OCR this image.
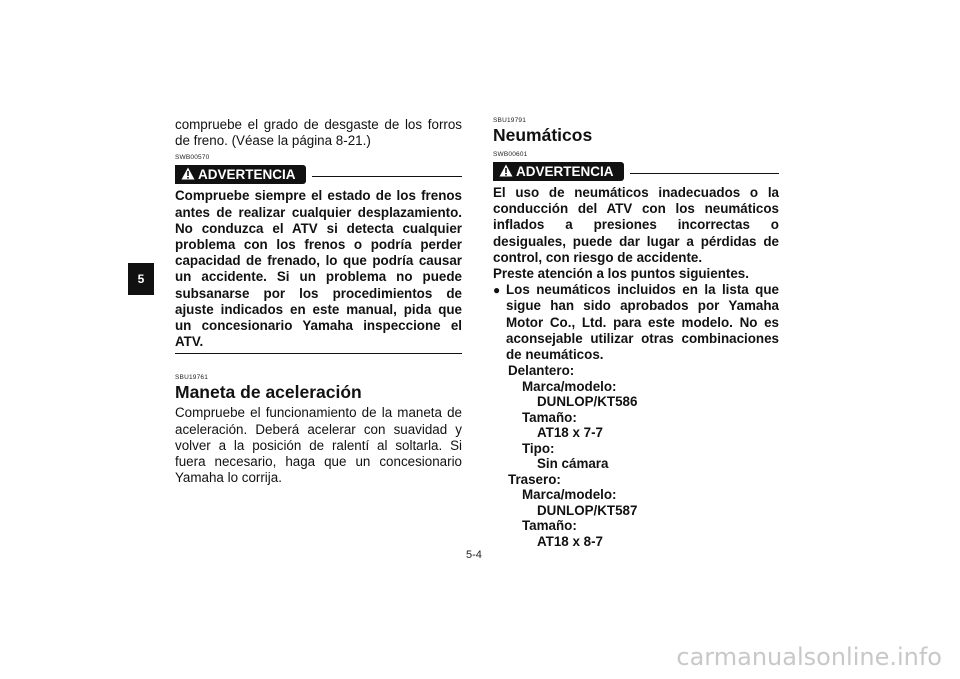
5

compruebe el grado de desgaste de los forros de freno. (Véase la página 8-21.)

SWB00570

ADVERTENCIA

Compruebe siempre el estado de los frenos antes de realizar cualquier desplazamiento. No conduzca el ATV si detecta cualquier problema con los frenos o podría perder capacidad de frenado, lo que podría causar un accidente. Si un problema no puede subsanarse por los procedimientos de ajuste indicados en este manual, pida que un concesionario Yamaha inspeccione el ATV.

SBU19761

Maneta de aceleración

Compruebe el funcionamiento de la maneta de aceleración. Deberá acelerar con suavidad y volver a la posición de ralentí al soltarla. Si fuera necesario, haga que un concesionario Yamaha lo corrija.

SBU19791

Neumáticos

SWB00601

ADVERTENCIA

El uso de neumáticos inadecuados o la conducción del ATV con los neumáticos inflados a presiones incorrectas o desiguales, puede dar lugar a pérdidas de control, con riesgo de accidente.

Preste atención a los puntos siguientes.

● Los neumáticos incluidos en la lista que sigue han sido aprobados por Yamaha Motor Co., Ltd. para este modelo. No es aconsejable utilizar otras combinaciones de neumáticos.

Delantero:

Marca/modelo:

DUNLOP/KT586

Tamaño:

AT18 x 7-7

Tipo:

Sin cámara

Trasero:

Marca/modelo:

DUNLOP/KT587

Tamaño:

AT18 x 8-7

5-4
carmanualsonline.info
